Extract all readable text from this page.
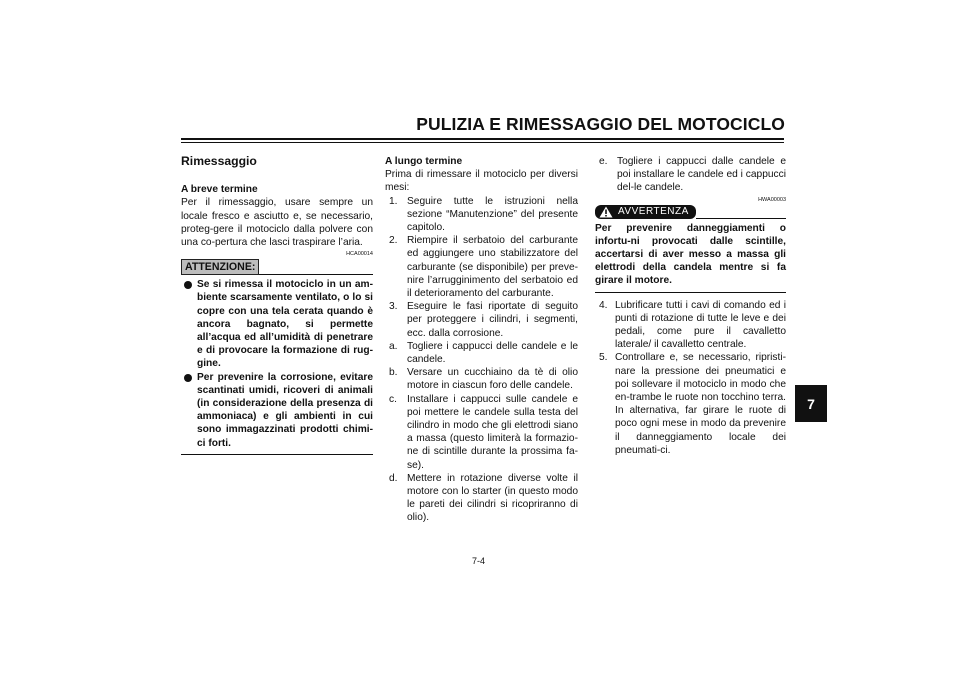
PULIZIA E RIMESSAGGIO DEL MOTOCICLO
7
Rimessaggio
A breve termine
Per il rimessaggio, usare sempre un locale fresco e asciutto e, se necessario, proteg-gere il motociclo dalla polvere con una co-pertura che lasci traspirare l’aria.
HCA00014
ATTENZIONE:
Se si rimessa il motociclo in un am-biente scarsamente ventilato, o lo si copre con una tela cerata quando è ancora bagnato, si permette all’acqua ed all’umidità di penetrare e di provocare la formazione di rug-gine.
Per prevenire la corrosione, evitare scantinati umidi, ricoveri di animali (in considerazione della presenza di ammoniaca) e gli ambienti in cui sono immagazzinati prodotti chimi-ci forti.
A lungo termine
Prima di rimessare il motociclo per diversi mesi:
1. Seguire tutte le istruzioni nella sezione “Manutenzione” del presente capitolo.
2. Riempire il serbatoio del carburante ed aggiungere uno stabilizzatore del carburante (se disponibile) per preve-nire l’arrugginimento del serbatoio ed il deterioramento del carburante.
3. Eseguire le fasi riportate di seguito per proteggere i cilindri, i segmenti, ecc. dalla corrosione.
a. Togliere i cappucci delle candele e le candele.
b. Versare un cucchiaino da tè di olio motore in ciascun foro delle candele.
c. Installare i cappucci sulle candele e poi mettere le candele sulla testa del cilindro in modo che gli elettrodi siano a massa (questo limiterà la formazio-ne di scintille durante la prossima fa-se).
d. Mettere in rotazione diverse volte il motore con lo starter (in questo modo le pareti dei cilindri si ricopriranno di olio).
e. Togliere i cappucci dalle candele e poi installare le candele ed i cappucci del-le candele.
HWA00003
AVVERTENZA
Per prevenire danneggiamenti o infortu-ni provocati dalle scintille, accertarsi di aver messo a massa gli elettrodi della candela mentre si fa girare il motore.
4. Lubrificare tutti i cavi di comando ed i punti di rotazione di tutte le leve e dei pedali, come pure il cavalletto laterale/ il cavalletto centrale.
5. Controllare e, se necessario, ripristi-nare la pressione dei pneumatici e poi sollevare il motociclo in modo che en-trambe le ruote non tocchino terra. In alternativa, far girare le ruote di poco ogni mese in modo da prevenire il danneggiamento locale dei pneumati-ci.
7-4
